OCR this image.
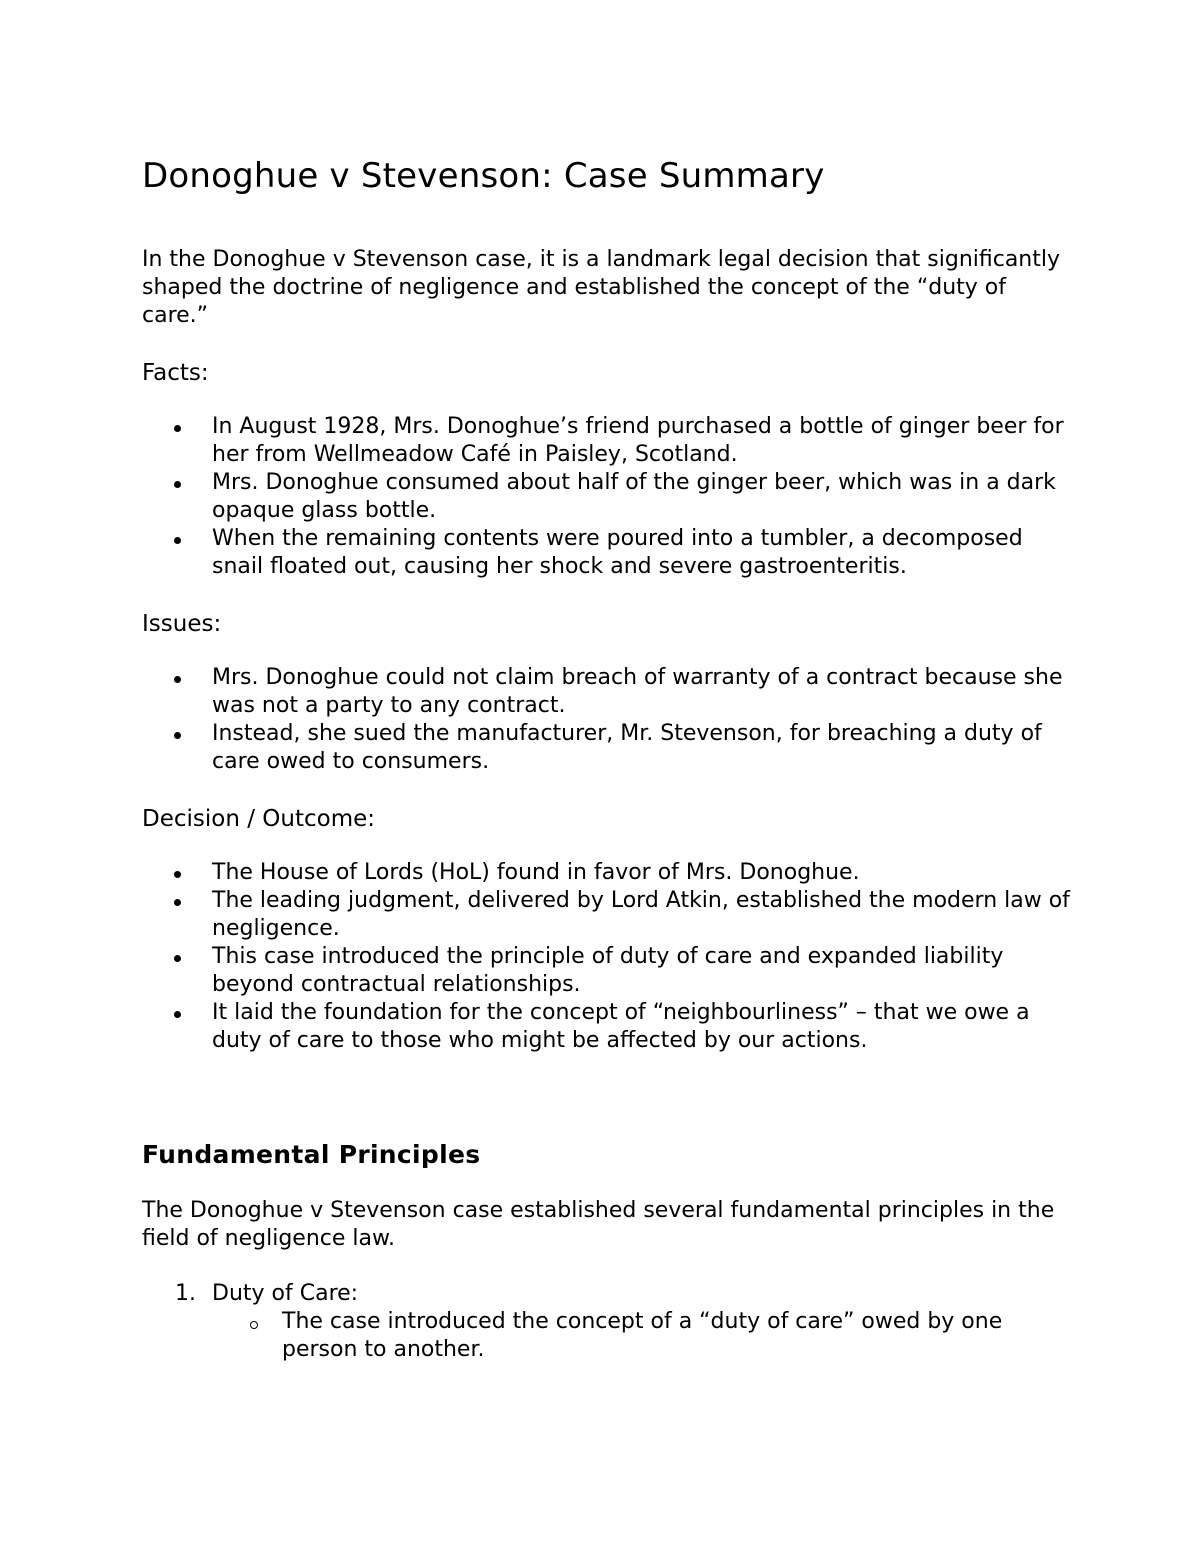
Donoghue v Stevenson: Case Summary

In the Donoghue v Stevenson case, it is a landmark legal decision that significantly shaped the doctrine of negligence and established the concept of the “duty of care.”

Facts:

In August 1928, Mrs. Donoghue’s friend purchased a bottle of ginger beer for her from Wellmeadow Café in Paisley, Scotland.
Mrs. Donoghue consumed about half of the ginger beer, which was in a dark opaque glass bottle.
When the remaining contents were poured into a tumbler, a decomposed snail floated out, causing her shock and severe gastroenteritis.

Issues:

Mrs. Donoghue could not claim breach of warranty of a contract because she was not a party to any contract.
Instead, she sued the manufacturer, Mr. Stevenson, for breaching a duty of care owed to consumers.

Decision / Outcome:

The House of Lords (HoL) found in favor of Mrs. Donoghue.
The leading judgment, delivered by Lord Atkin, established the modern law of negligence.
This case introduced the principle of duty of care and expanded liability beyond contractual relationships.
It laid the foundation for the concept of “neighbourliness” – that we owe a duty of care to those who might be affected by our actions.
Fundamental Principles

The Donoghue v Stevenson case established several fundamental principles in the field of negligence law.

1. Duty of Care:
The case introduced the concept of a “duty of care” owed by one person to another.
